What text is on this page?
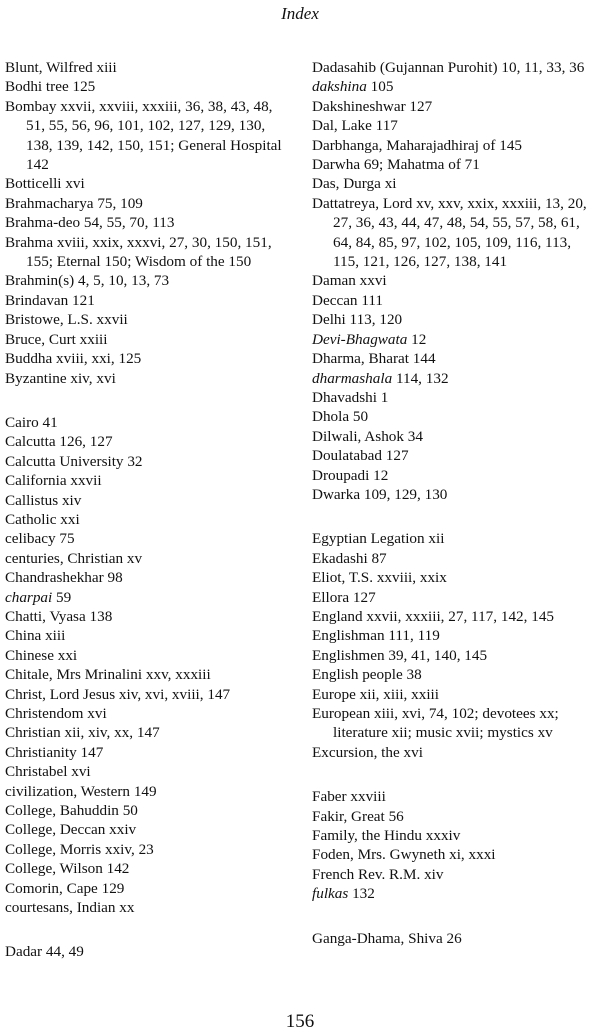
Index

Blunt, Wilfred xiii

Bodhi tree 125

Bombay xxvii, xxviii, xxxiii, 36, 38, 43, 48, 51, 55, 56, 96, 101, 102, 127, 129, 130, 138, 139, 142, 150, 151; General Hospital 142

Botticelli xvi

Brahmacharya 75, 109

Brahma-deo 54, 55, 70, 113

Brahma xviii, xxix, xxxvi, 27, 30, 150, 151, 155; Eternal 150; Wisdom of the 150

Brahmin(s) 4, 5, 10, 13, 73

Brindavan 121

Bristowe, L.S. xxvii

Bruce, Curt xxiii

Buddha xviii, xxi, 125

Byzantine xiv, xvi

Cairo 41

Calcutta 126, 127

Calcutta University 32

California xxvii

Callistus xiv

Catholic xxi

celibacy 75

centuries, Christian xv

Chandrashekhar 98

charpai 59

Chatti, Vyasa 138

China xiii

Chinese xxi

Chitale, Mrs Mrinalini xxv, xxxiii

Christ, Lord Jesus xiv, xvi, xviii, 147

Christendom xvi

Christian xii, xiv, xx, 147

Christianity 147

Christabel xvi

civilization, Western 149

College, Bahuddin 50

College, Deccan xxiv

College, Morris xxiv, 23

College, Wilson 142

Comorin, Cape 129

courtesans, Indian xx

Dadar 44, 49

Dadasahib (Gujannan Purohit) 10, 11, 33, 36

dakshina 105

Dakshineshwar 127

Dal, Lake 117

Darbhanga, Maharajadhiraj of 145

Darwha 69; Mahatma of 71

Das, Durga xi

Dattatreya, Lord xv, xxv, xxix, xxxiii, 13, 20, 27, 36, 43, 44, 47, 48, 54, 55, 57, 58, 61, 64, 84, 85, 97, 102, 105, 109, 116, 113, 115, 121, 126, 127, 138, 141

Daman xxvi

Deccan 111

Delhi 113, 120

Devi-Bhagwata 12

Dharma, Bharat 144

dharmashala 114, 132

Dhavadshi 1

Dhola 50

Dilwali, Ashok 34

Doulatabad 127

Droupadi 12

Dwarka 109, 129, 130

Egyptian Legation xii

Ekadashi 87

Eliot, T.S. xxviii, xxix

Ellora 127

England xxvii, xxxiii, 27, 117, 142, 145

Englishman 111, 119

Englishmen 39, 41, 140, 145

English people 38

Europe xii, xiii, xxiii

European xiii, xvi, 74, 102; devotees xx; literature xii; music xvii; mystics xv

Excursion, the xvi

Faber xxviii

Fakir, Great 56

Family, the Hindu xxxiv

Foden, Mrs. Gwyneth xi, xxxi

French Rev. R.M. xiv

fulkas 132

Ganga-Dhama, Shiva 26

156
